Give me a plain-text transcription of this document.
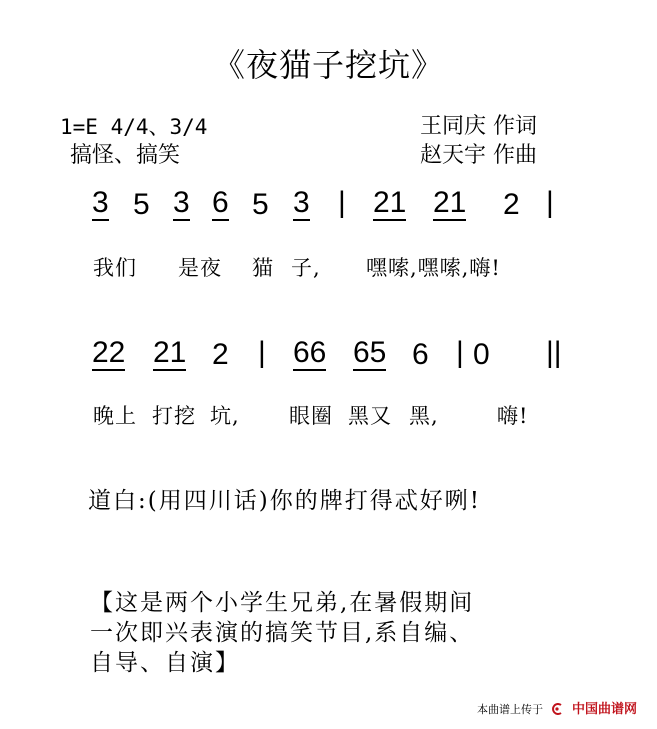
《夜猫子挖坑》
1=E 4/4、3/4
搞怪、搞笑
王同庆 作词
赵天宇 作曲
3 5 3 6 5 3 | 21 21 2 |
我们 是夜 猫 子, 嘿嗦,嘿嗦,嗨!
22 21 2 | 66 65 6 | 0 ||
晚上 打挖 坑, 眼圈 黑又 黑,	嗨!
道白:(用四川话)你的牌打得忒好咧!
【这是两个小学生兄弟,在暑假期间
一次即兴表演的搞笑节目,系自编、
自导、自演】
本曲谱上传于 中国曲谱网
